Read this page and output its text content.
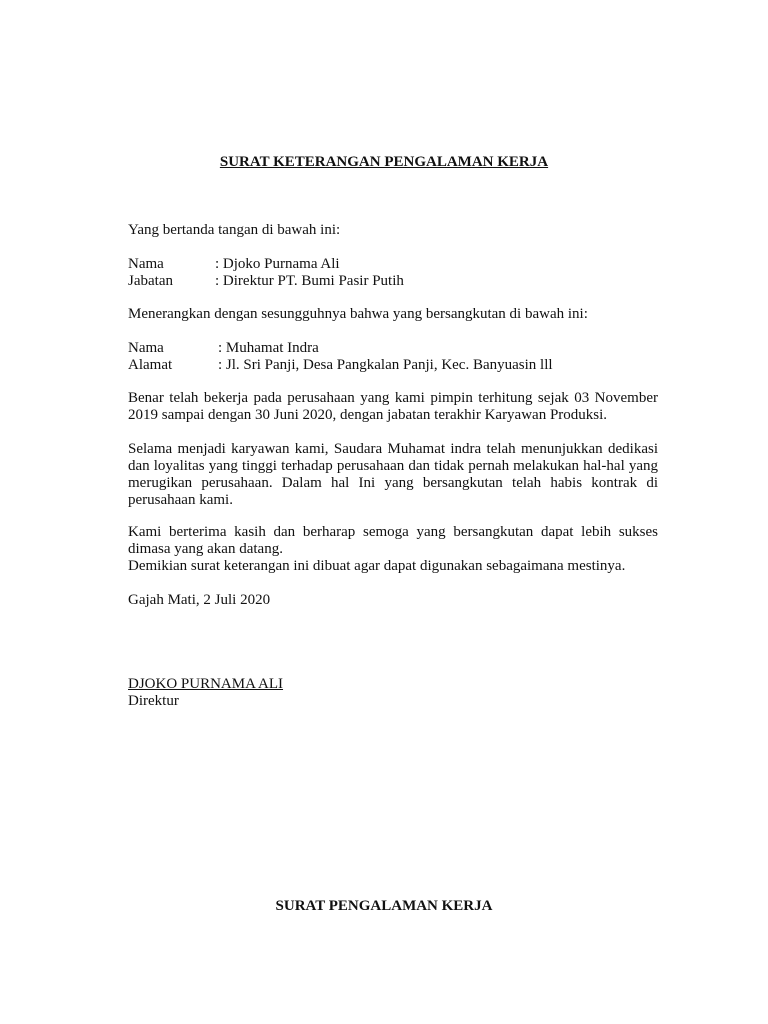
SURAT KETERANGAN PENGALAMAN KERJA
Yang bertanda tangan di bawah ini:
Nama	: Djoko Purnama Ali
Jabatan	: Direktur PT. Bumi Pasir Putih
Menerangkan dengan sesungguhnya bahwa yang bersangkutan di bawah ini:
Nama	: Muhamat Indra
Alamat	: Jl. Sri Panji, Desa Pangkalan Panji, Kec. Banyuasin lll
Benar telah bekerja pada perusahaan yang kami pimpin terhitung sejak 03 November 2019 sampai dengan 30 Juni 2020, dengan jabatan terakhir Karyawan Produksi.
Selama menjadi karyawan kami, Saudara Muhamat indra telah menunjukkan dedikasi dan loyalitas yang tinggi terhadap perusahaan dan tidak pernah melakukan hal-hal yang merugikan perusahaan. Dalam hal Ini yang bersangkutan telah habis kontrak di perusahaan kami.
Kami berterima kasih dan berharap semoga yang bersangkutan dapat lebih sukses dimasa yang akan datang.
Demikian surat keterangan ini dibuat agar dapat digunakan sebagaimana mestinya.
Gajah Mati, 2 Juli 2020
DJOKO PURNAMA ALI
Direktur
SURAT PENGALAMAN KERJA
